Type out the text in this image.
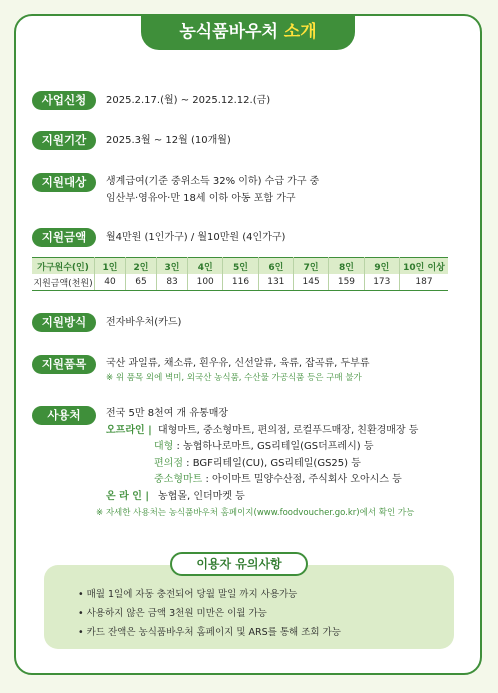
농식품바우처 소개
사업신청	2025.2.17.(월) ~ 2025.12.12.(금)
지원기간	2025.3월 ~ 12월 (10개월)
지원대상	생계급여(기준 중위소득 32% 이하) 수급 가구 중
임산부·영유아·만 18세 이하 아동 포함 가구
지원금액	월4만원 (1인가구) / 월10만원 (4인가구)
가구원수(인)	1인	2인	3인	4인	5인	6인	7인	8인	9인	10인 이상
지원금액(천원)	40	65	83	100	116	131	145	159	173	187
지원방식	전자바우처(카드)
지원품목	국산 과일류, 채소류, 흰우유, 신선알류, 육류, 잡곡류, 두부류
※ 위 품목 외에 벽미, 외국산 농식품, 수산물 가공식품 등은 구매 불가
사용처	전국 5만 8천여 개 유통매장
오프라인 | 대형마트, 중소형마트, 편의점, 로컬푸드매장, 친환경매장 등
대형 : 농협하나로마트, GS리테일(GS더프레시) 등
편의점 : BGF리테일(CU), GS리테일(GS25) 등
중소형마트 : 아이마트 밀양수산점, 주식회사 오아시스 등
온 라 인 | 농협몰, 인더마켓 등
※ 자세한 사용처는 농식품바우처 홈페이지(www.foodvoucher.go.kr)에서 확인 가능
• 매월 1일에 자동 충전되어 당월 말일 까지 사용가능
• 사용하지 않은 금액 3천원 미만은 이월 가능
• 카드 잔액은 농식품바우처 홈페이지 및 ARS를 통해 조회 가능
이용자 유의사항
